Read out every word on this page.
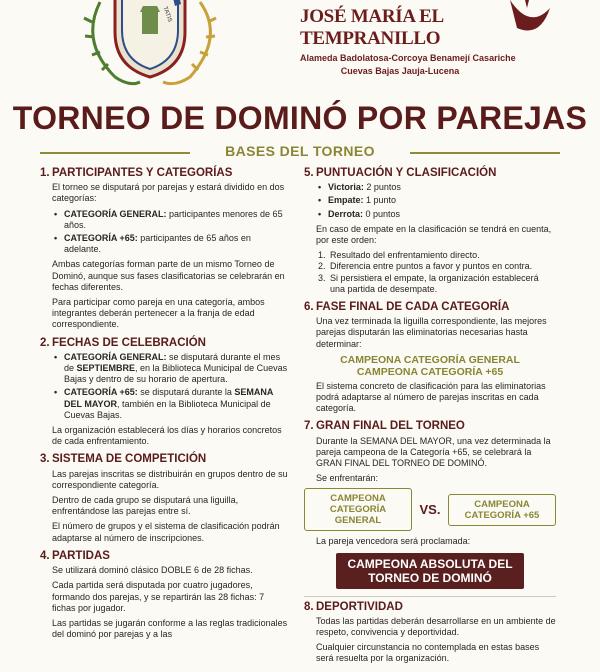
TATIS	JOSÉ MARÍA EL TEMPRANILLO
Alameda Badolatosa-Corcoya Benamejí Casariche
Cuevas Bajas Jauja-Lucena
TORNEO DE DOMINÓ POR PAREJAS
BASES DEL TORNEO
1. PARTICIPANTES Y CATEGORÍAS
El torneo se disputará por parejas y estará dividido en dos categorías:
• CATEGORÍA GENERAL: participantes menores de 65 años.
• CATEGORÍA +65: participantes de 65 años en adelante.
Ambas categorías forman parte de un mismo Torneo de Dominó, aunque sus fases clasificatorias se celebrarán en fechas diferentes.
Para participar como pareja en una categoría, ambos integrantes deberán pertenecer a la franja de edad correspondiente.
2. FECHAS DE CELEBRACIÓN
• CATEGORÍA GENERAL: se disputará durante el mes de SEPTIEMBRE, en la Biblioteca Municipal de Cuevas Bajas y dentro de su horario de apertura.
• CATEGORÍA +65: se disputará durante la SEMANA DEL MAYOR, también en la Biblioteca Municipal de Cuevas Bajas.
La organización establecerá los días y horarios concretos de cada enfrentamiento.
3. SISTEMA DE COMPETICIÓN
Las parejas inscritas se distribuirán en grupos dentro de su correspondiente categoría.
Dentro de cada grupo se disputará una liguilla, enfrentándose las parejas entre sí.
El número de grupos y el sistema de clasificación podrán adaptarse al número de inscripciones.
4. PARTIDAS
Se utilizará dominó clásico DOBLE 6 de 28 fichas.
Cada partida será disputada por cuatro jugadores, formando dos parejas, y se repartirán las 28 fichas: 7 fichas por jugador.
Las partidas se jugarán conforme a las reglas tradicionales del dominó por parejas y a las
5. PUNTUACIÓN Y CLASIFICACIÓN
• Victoria: 2 puntos
• Empate: 1 punto
• Derrota: 0 puntos
En caso de empate en la clasificación se tendrá en cuenta, por este orden:
1. Resultado del enfrentamiento directo.
2. Diferencia entre puntos a favor y puntos en contra.
3. Si persistiera el empate, la organización establecerá una partida de desempate.
6. FASE FINAL DE CADA CATEGORÍA
Una vez terminada la liguilla correspondiente, las mejores parejas disputarán las eliminatorias necesarias hasta determinar:
CAMPEONA CATEGORÍA GENERAL
CAMPEONA CATEGORÍA +65
El sistema concreto de clasificación para las eliminatorias podrá adaptarse al número de parejas inscritas en cada categoría.
7. GRAN FINAL DEL TORNEO
Durante la SEMANA DEL MAYOR, una vez determinada la pareja campeona de la Categoría +65, se celebrará la GRAN FINAL DEL TORNEO DE DOMINÓ.
Se enfrentarán:
CAMPEONA
CATEGORÍA GENERAL
VS.	CAMPEONA
CATEGORÍA +65
La pareja vencedora será proclamada:
CAMPEONA ABSOLUTA DEL
TORNEO DE DOMINÓ
8. DEPORTIVIDAD
Todas las partidas deberán desarrollarse en un ambiente de respeto, convivencia y deportividad.
Cualquier circunstancia no contemplada en estas bases será resuelta por la organización.
